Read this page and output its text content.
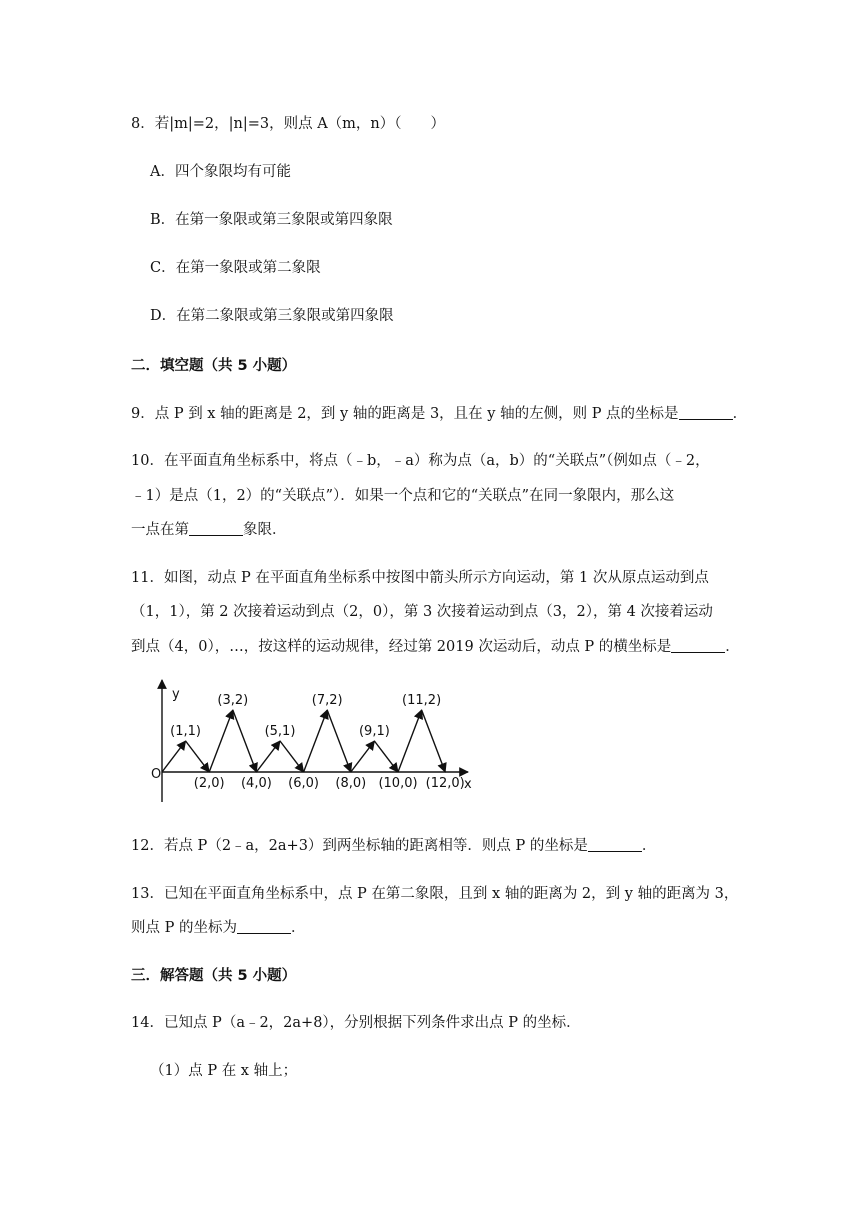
8．若|m|=2，|n|=3，则点 A（m，n）（　　）
A．四个象限均有可能
B．在第一象限或第三象限或第四象限
C．在第一象限或第二象限
D．在第二象限或第三象限或第四象限
二．填空题（共 5 小题）
9．点 P 到 x 轴的距离是 2，到 y 轴的距离是 3，且在 y 轴的左侧，则 P 点的坐标是	．
10．在平面直角坐标系中，将点（﹣b，﹣a）称为点（a，b）的“关联点”（例如点（﹣2，
﹣1）是点（1，2）的“关联点”）．如果一个点和它的“关联点”在同一象限内，那么这
一点在第	象限．
11．如图，动点 P 在平面直角坐标系中按图中箭头所示方向运动，第 1 次从原点运动到点
（1，1），第 2 次接着运动到点（2，0），第 3 次接着运动到点（3，2），第 4 次接着运动
到点（4，0），…，按这样的运动规律，经过第 2019 次运动后，动点 P 的横坐标是	．
y
x
O
(1,1)
(2,0)
(3,2)
(4,0)
(5,1)
(6,0)
(7,2)
(8,0)
(9,1)
(10,0)
(11,2)
(12,0)
12．若点 P（2﹣a，2a+3）到两坐标轴的距离相等．则点 P 的坐标是	．
13．已知在平面直角坐标系中，点 P 在第二象限，且到 x 轴的距离为 2，到 y 轴的距离为 3，
则点 P 的坐标为	．
三．解答题（共 5 小题）
14．已知点 P（a﹣2，2a+8），分别根据下列条件求出点 P 的坐标．
（1）点 P 在 x 轴上；
